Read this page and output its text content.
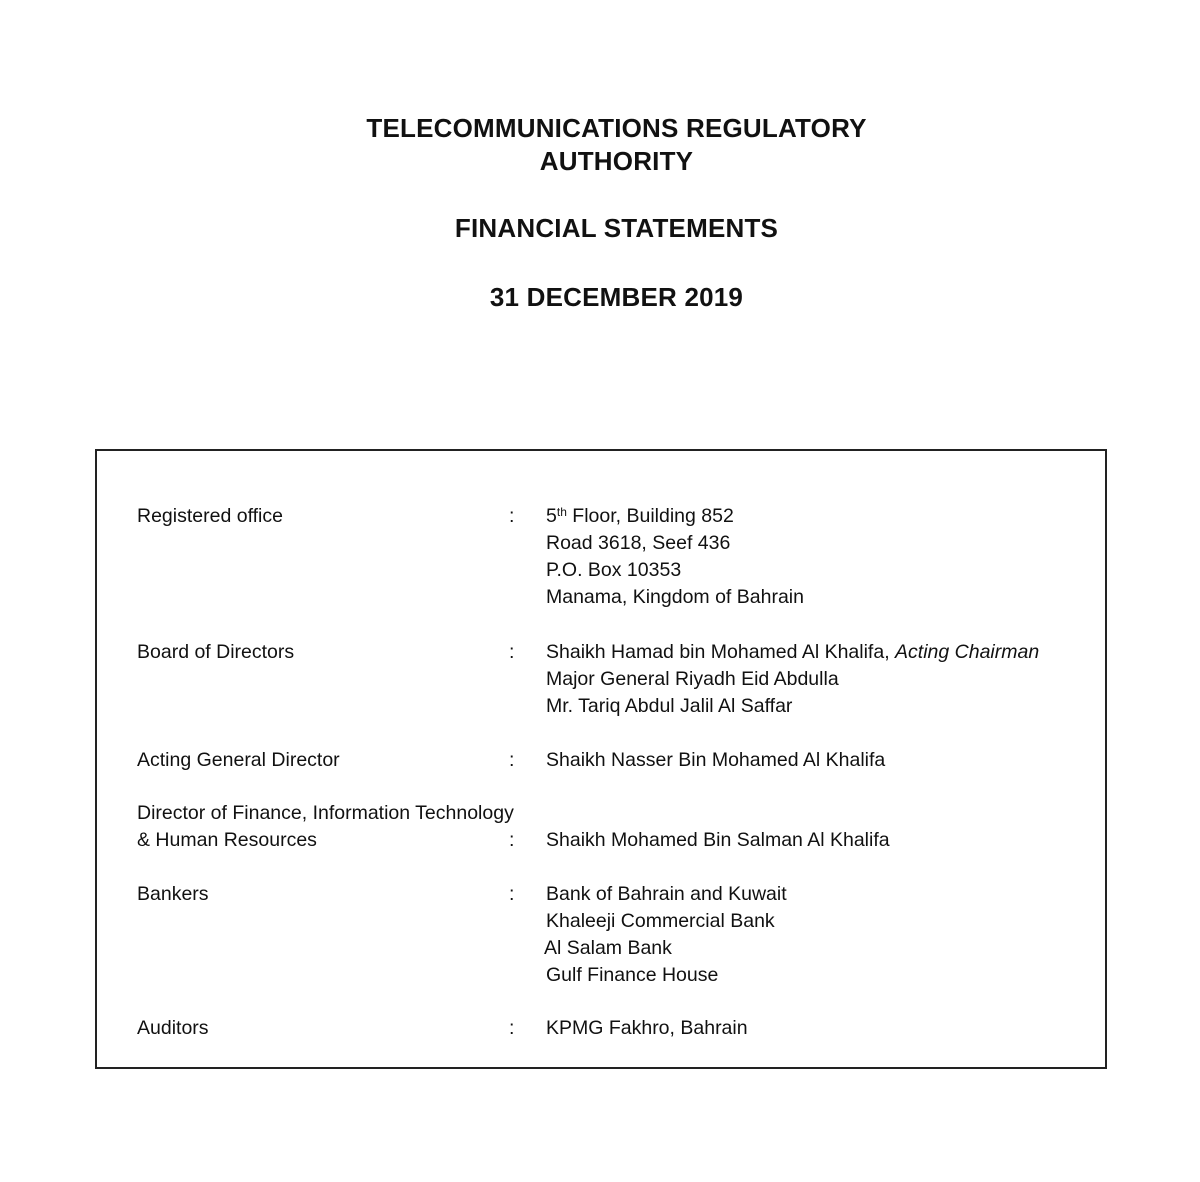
TELECOMMUNICATIONS REGULATORY
AUTHORITY
FINANCIAL STATEMENTS
31 DECEMBER 2019
Registered office	: 5th Floor, Building 852
Road 3618, Seef 436
P.O. Box 10353
Manama, Kingdom of Bahrain
Board of Directors	: Shaikh Hamad bin Mohamed Al Khalifa, Acting Chairman
Major General Riyadh Eid Abdulla
Mr. Tariq Abdul Jalil Al Saffar
Acting General Director	: Shaikh Nasser Bin Mohamed Al Khalifa
Director of Finance, Information Technology
& Human Resources	: Shaikh Mohamed Bin Salman Al Khalifa
Bankers	: Bank of Bahrain and Kuwait
Khaleeji Commercial Bank
Al Salam Bank
Gulf Finance House
Auditors	: KPMG Fakhro, Bahrain
